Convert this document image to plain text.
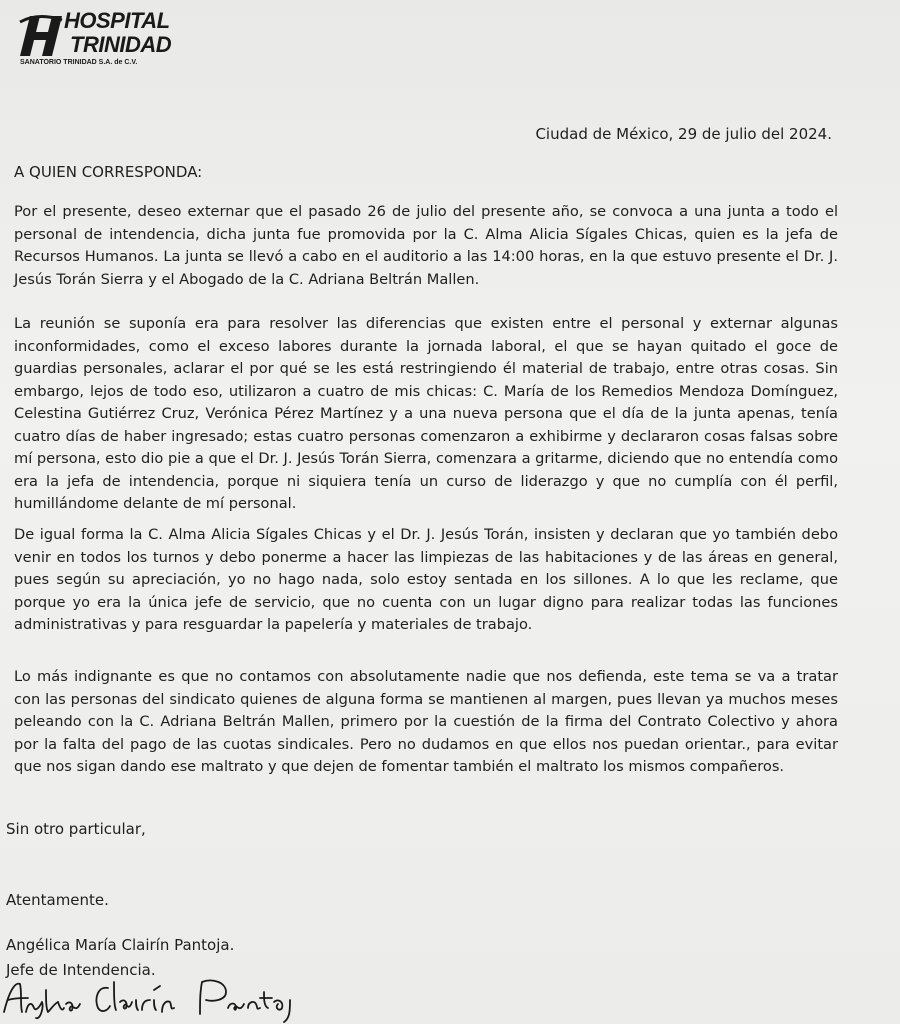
HOSPITAL
TRINIDAD
SANATORIO TRINIDAD S.A. de C.V.
Ciudad de México, 29 de julio del 2024.
A QUIEN CORRESPONDA:
Por el presente, deseo externar que el pasado 26 de julio del presente año, se convoca a una junta a todo el personal de intendencia, dicha junta fue promovida por la C. Alma Alicia Sígales Chicas, quien es la jefa de Recursos Humanos. La junta se llevó a cabo en el auditorio a las 14:00 horas, en la que estuvo presente el Dr. J. Jesús Torán Sierra y el Abogado de la C. Adriana Beltrán Mallen.
La reunión se suponía era para resolver las diferencias que existen entre el personal y externar algunas inconformidades, como el exceso labores durante la jornada laboral, el que se hayan quitado el goce de guardias personales, aclarar el por qué se les está restringiendo él material de trabajo, entre otras cosas. Sin embargo, lejos de todo eso, utilizaron a cuatro de mis chicas: C. María de los Remedios Mendoza Domínguez, Celestina Gutiérrez Cruz, Verónica Pérez Martínez y a una nueva persona que el día de la junta apenas, tenía cuatro días de haber ingresado; estas cuatro personas comenzaron a exhibirme y declararon cosas falsas sobre mí persona, esto dio pie a que el Dr. J. Jesús Torán Sierra, comenzara a gritarme, diciendo que no entendía como era la jefa de intendencia, porque ni siquiera tenía un curso de liderazgo y que no cumplía con él perfil, humillándome delante de mí personal.
De igual forma la C. Alma Alicia Sígales Chicas y el Dr. J. Jesús Torán, insisten y declaran que yo también debo venir en todos los turnos y debo ponerme a hacer las limpiezas de las habitaciones y de las áreas en general, pues según su apreciación, yo no hago nada, solo estoy sentada en los sillones. A lo que les reclame, que porque yo era la única jefe de servicio, que no cuenta con un lugar digno para realizar todas las funciones administrativas y para resguardar la papelería y materiales de trabajo.
Lo más indignante es que no contamos con absolutamente nadie que nos defienda, este tema se va a tratar con las personas del sindicato quienes de alguna forma se mantienen al margen, pues llevan ya muchos meses peleando con la C. Adriana Beltrán Mallen, primero por la cuestión de la firma del Contrato Colectivo y ahora por la falta del pago de las cuotas sindicales. Pero no dudamos en que ellos nos puedan orientar., para evitar que nos sigan dando ese maltrato y que dejen de fomentar también el maltrato los mismos compañeros.
Sin otro particular,
Atentamente.
Angélica María Clairín Pantoja.
Jefe de Intendencia.
